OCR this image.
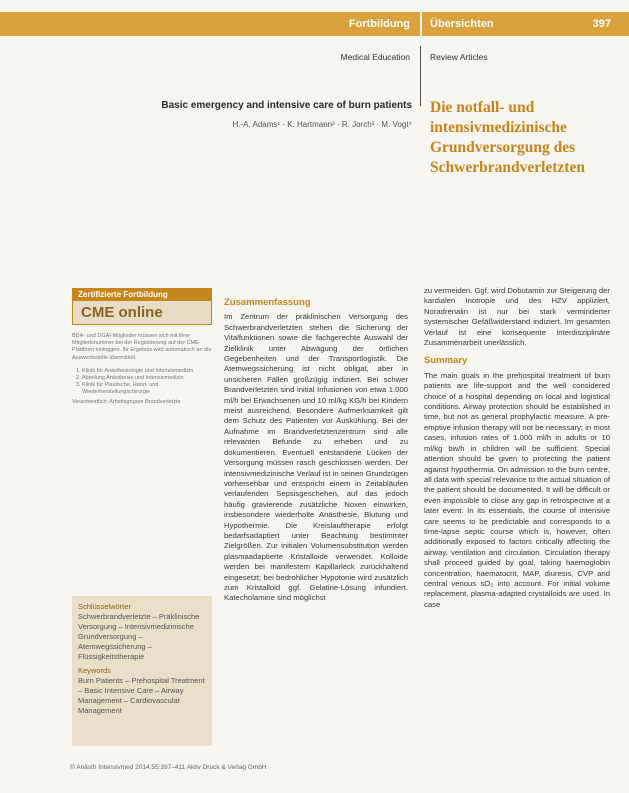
Fortbildung	Übersichten	397
Medical Education Review Articles
Basic emergency and intensive care of burn patients
H.-A. Adams¹ · K. Hartmann² · R. Jorch³ · M. Vogt⁴
Die notfall- und intensivmedizinische Grundversorgung des Schwerbrandverletzten
Zertifizierte Fortbildung
CME online
BDA- und DGAI-Mitglieder müssen sich mit ihrer Mitgliedsnummer bei der Registrierung auf der CME-Plattform einloggen. Ihr Ergebnis wird automatisch an die Auswertestelle übermittelt.
1. Klinik für Anästhesiologie und Intensivmedizin
2. Abteilung Anästhesie und Intensivmedizin
3. Klinik für Plastische, Hand- und Wiederherstellungschirurgie
Verantwortlich: Arbeitsgruppe Brandverletzte
Schlüsselwörter
Schwerbrandverletzte – Präklinische Versorgung – Intensivmedizinische Grundversorgung – Atemwegssicherung – Flüssigkeitstherapie
Keywords
Burn Patients – Prehospital Treatment – Basic Intensive Care – Airway Management – Cardiovascular Management
Zusammenfassung

Im Zentrum der präklinischen Versorgung des Schwerbrandverletzten stehen die Sicherung der Vitalfunktionen sowie die fachgerechte Auswahl der Zielklinik unter Abwägung der örtlichen Gegebenheiten und der Transportlogistik. Die Atemwegssicherung ist nicht obligat, aber in unsicheren Fällen großzügig indiziert. Bei schwer Brandverletzten sind initial Infusionen von etwa 1.000 ml/h bei Erwachsenen und 10 ml/kg KG/h bei Kindern meist ausreichend. Besondere Aufmerksamkeit gilt dem Schutz des Patienten vor Auskühlung. Bei der Aufnahme im Brandverletztenzentrum sind alle relevanten Befunde zu erheben und zu dokumentieren. Eventuell entstandene Lücken der Versorgung müssen rasch geschlossen werden. Der intensivmedizinische Verlauf ist in seinen Grundzügen vorhersehbar und entspricht einem in Zeitabläufen verlaufenden Sepsisgeschehen, auf das jedoch häufig gravierende zusätzliche Noxen einwirken, insbesondere wiederholte Anästhesie, Blutung und Hypothermie. Die Kreislauftherapie erfolgt bedarfsadaptiert unter Beachtung bestimmter Zielgrößen. Zur initialen Volumensubstitution werden plasmaadaptierte Kristalloide verwendet. Kolloide werden bei manifestem Kapillarleck zurückhaltend eingesetzt; bei bedrohlicher Hypotonie wird zusätzlich zum Kristalloid ggf. Gelatine-Lösung infundiert. Katecholamine sind möglichst

zu vermeiden. Ggf. wird Dobutamin zur Steigerung der kardialen Inotropie und des HZV appliziert, Noradrenalin ist nur bei stark verminderter systemischer Gefäßwiderstand indiziert. Im gesamten Verlauf ist eine konsequente interdisziplinäre Zusammenarbeit unerlässlich.

Summary

The main goals in the prehospital treatment of burn patients are life-support and the well considered choice of a hospital depending on local and logistical conditions. Airway protection should be established in time, but not as general prophylactic measure. A pre-emptive infusion therapy will not be necessary; in most cases, infusion rates of 1.000 ml/h in adults or 10 ml/kg bw/h in children will be sufficient. Special attention should be given to protecting the patient against hypothermia. On admission to the burn centre, all data with special relevance to the actual situation of the patient should be documented. It will be difficult or even impossible to close any gap in retrospective at a later event. In its essentials, the course of intensive care seems to be predictable and corresponds to a time-lapse septic course which is, however, often additionally exposed to factors critically affecting the airway, ventilation and circulation. Circulation therapy shall proceed guided by goal, taking haemoglobin concentration, haematocrit, MAP, diuresis, CVP and central venous sO₂ into account. For initial volume replacement, plasma-adapted crystalloids are used. In case

© Anästh Intensivmed 2014;55:397–411 Aktiv Druck & Verlag GmbH
